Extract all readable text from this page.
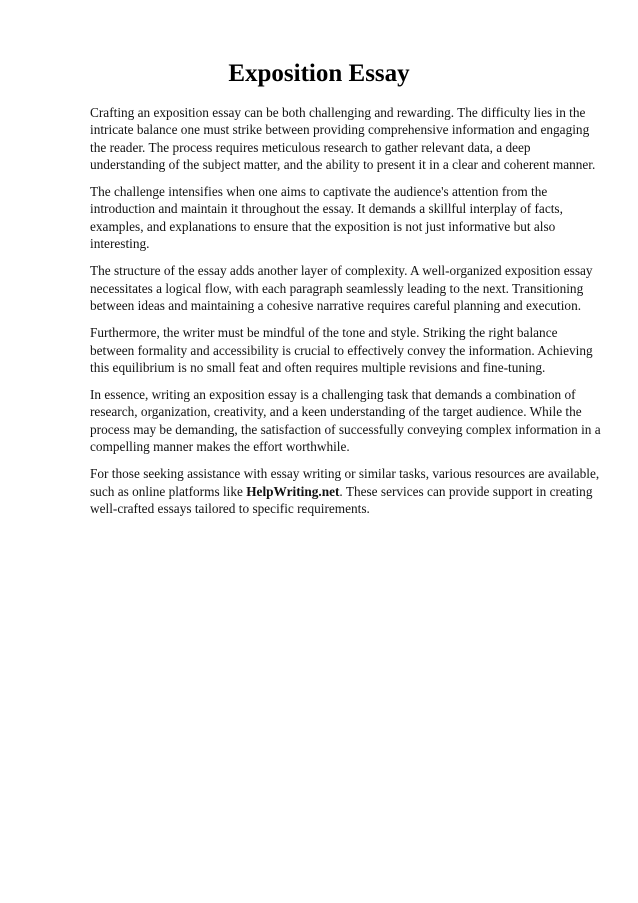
Exposition Essay

Crafting an exposition essay can be both challenging and rewarding. The difficulty lies in the intricate balance one must strike between providing comprehensive information and engaging the reader. The process requires meticulous research to gather relevant data, a deep understanding of the subject matter, and the ability to present it in a clear and coherent manner.

The challenge intensifies when one aims to captivate the audience's attention from the introduction and maintain it throughout the essay. It demands a skillful interplay of facts, examples, and explanations to ensure that the exposition is not just informative but also interesting.

The structure of the essay adds another layer of complexity. A well-organized exposition essay necessitates a logical flow, with each paragraph seamlessly leading to the next. Transitioning between ideas and maintaining a cohesive narrative requires careful planning and execution.

Furthermore, the writer must be mindful of the tone and style. Striking the right balance between formality and accessibility is crucial to effectively convey the information. Achieving this equilibrium is no small feat and often requires multiple revisions and fine-tuning.

In essence, writing an exposition essay is a challenging task that demands a combination of research, organization, creativity, and a keen understanding of the target audience. While the process may be demanding, the satisfaction of successfully conveying complex information in a compelling manner makes the effort worthwhile.

For those seeking assistance with essay writing or similar tasks, various resources are available, such as online platforms like HelpWriting.net. These services can provide support in creating well-crafted essays tailored to specific requirements.
